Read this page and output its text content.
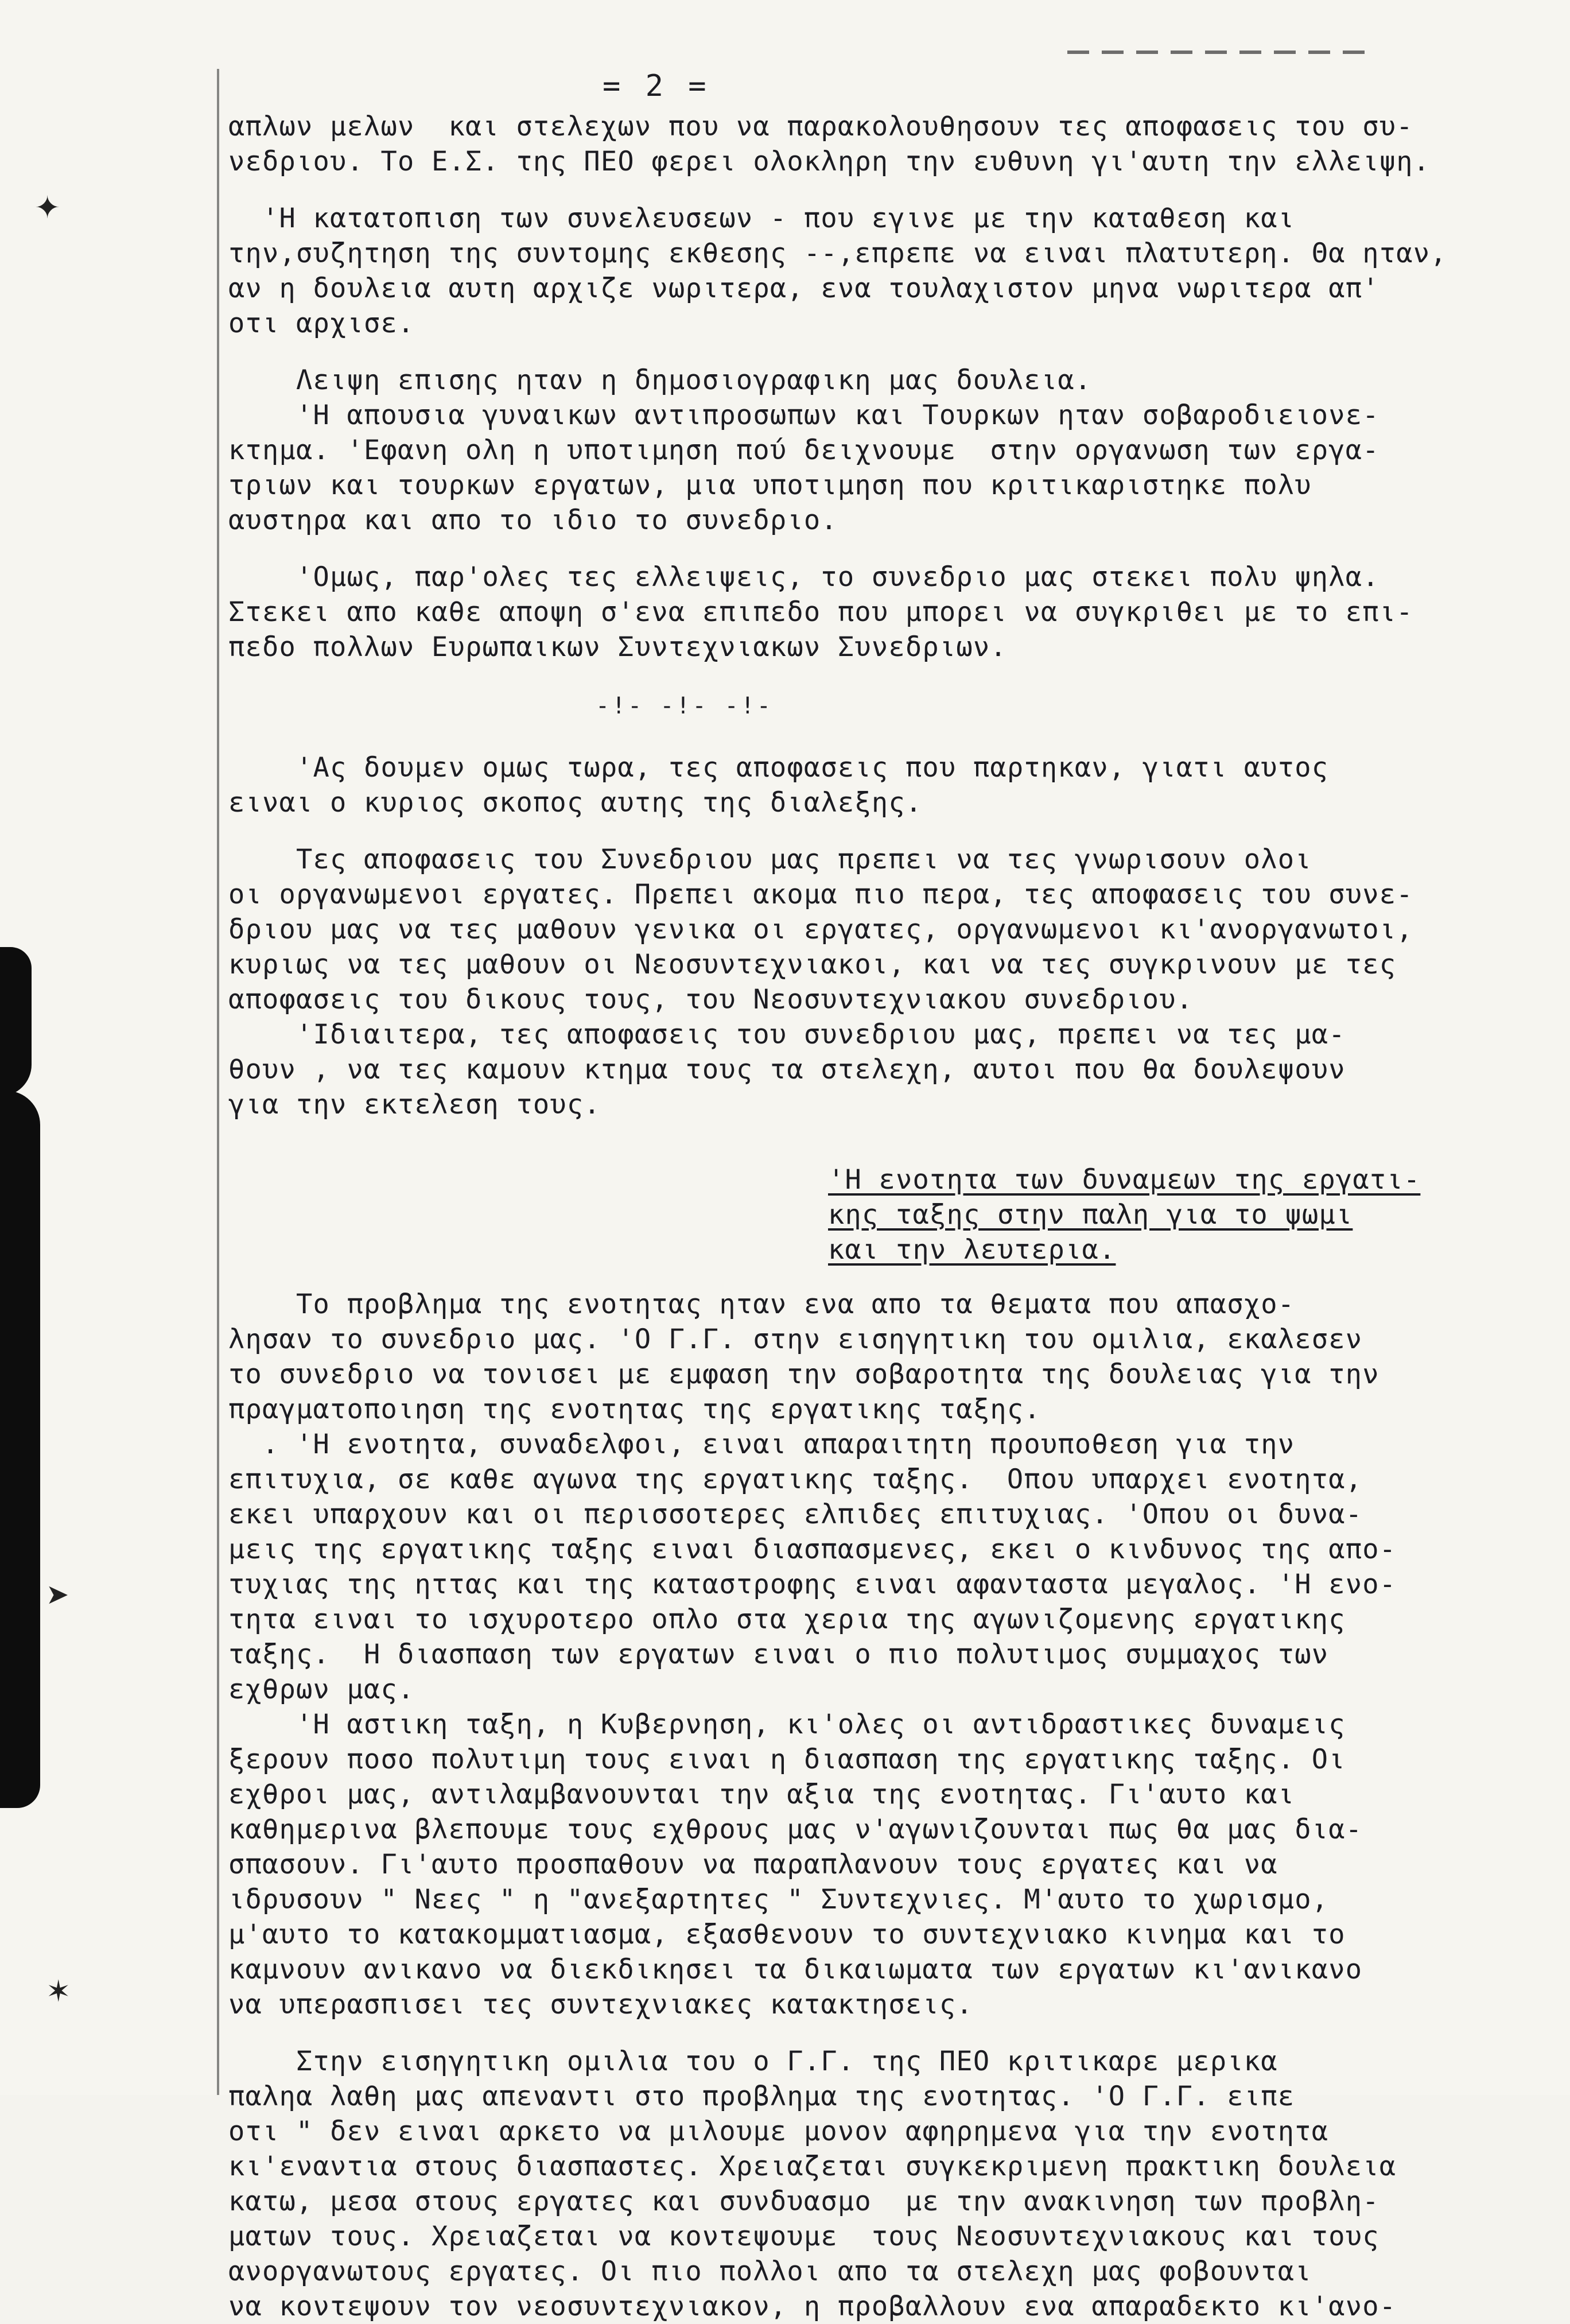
✦
➤
✶
= 2 =

απλων μελων  και στελεχων που να παρακολουθησουν τες αποφασεις του συ-
νεδριου. Το Ε.Σ. της ΠΕΟ φερει ολοκληρη την ευθυνη γι'αυτη την ελλειψη.

'Η κατατοπιση των συνελευσεων - που εγινε με την καταθεση και
την,συζητηση της συντομης εκθεσης --,επρεπε να ειναι πλατυτερη. Θα ηταν,
αν η δουλεια αυτη αρχιζε νωριτερα, ενα τουλαχιστον μηνα νωριτερα απ'
οτι αρχισε.

Λειψη επισης ηταν η δημοσιογραφικη μας δουλεια.
'Η απουσια γυναικων αντιπροσωπων και Τουρκων ηταν σοβαροδιειονε-
κτημα. 'Εφανη ολη η υποτιμηση πού δειχνουμε  στην οργανωση των εργα-
τριων και τουρκων εργατων, μια υποτιμηση που κριτικαριστηκε πολυ
αυστηρα και απο το ιδιο το συνεδριο.

'Ομως, παρ'ολες τες ελλειψεις, το συνεδριο μας στεκει πολυ ψηλα.
Στεκει απο καθε αποψη σ'ενα επιπεδο που μπορει να συγκριθει με το επι-
πεδο πολλων Ευρωπαικων Συντεχνιακων Συνεδριων.

-!- -!- -!-

'Ας δουμεν ομως τωρα, τες αποφασεις που παρτηκαν, γιατι αυτος
ειναι ο κυριος σκοπος αυτης της διαλεξης.

Τες αποφασεις του Συνεδριου μας πρεπει να τες γνωρισουν ολοι
οι οργανωμενοι εργατες. Πρεπει ακομα πιο περα, τες αποφασεις του συνε-
δριου μας να τες μαθουν γενικα οι εργατες, οργανωμενοι κι'ανοργανωτοι,
κυριως να τες μαθουν οι Νεοσυντεχνιακοι, και να τες συγκρινουν με τες
αποφασεις του δικους τους, του Νεοσυντεχνιακου συνεδριου.
'Ιδιαιτερα, τες αποφασεις του συνεδριου μας, πρεπει να τες μα-
θουν , να τες καμουν κτημα τους τα στελεχη, αυτοι που θα δουλεψουν
για την εκτελεση τους.

'Η ενοτητα των δυναμεων της εργατι-
κης ταξης στην παλη για το ψωμι
και την λευτερια.

Το προβλημα της ενοτητας ηταν ενα απο τα θεματα που απασχο-
λησαν το συνεδριο μας. 'Ο Γ.Γ. στην εισηγητικη του ομιλια, εκαλεσεν
το συνεδριο να τονισει με εμφαση την σοβαροτητα της δουλειας για την
πραγματοποιηση της ενοτητας της εργατικης ταξης.
. 'Η ενοτητα, συναδελφοι, ειναι απαραιτητη προυποθεση για την
επιτυχια, σε καθε αγωνα της εργατικης ταξης.  Οπου υπαρχει ενοτητα,
εκει υπαρχουν και οι περισσοτερες ελπιδες επιτυχιας. 'Οπου οι δυνα-
μεις της εργατικης ταξης ειναι διασπασμενες, εκει ο κινδυνος της απο-
τυχιας της ηττας και της καταστροφης ειναι αφανταστα μεγαλος. 'Η ενο-
τητα ειναι το ισχυροτερο οπλο στα χερια της αγωνιζομενης εργατικης
ταξης.  Η διασπαση των εργατων ειναι ο πιο πολυτιμος συμμαχος των
εχθρων μας.
'Η αστικη ταξη, η Κυβερνηση, κι'ολες οι αντιδραστικες δυναμεις
ξερουν ποσο πολυτιμη τους ειναι η διασπαση της εργατικης ταξης. Οι
εχθροι μας, αντιλαμβανουνται την αξια της ενοτητας. Γι'αυτο και
καθημερινα βλεπουμε τους εχθρους μας ν'αγωνιζουνται πως θα μας δια-
σπασουν. Γι'αυτο προσπαθουν να παραπλανουν τους εργατες και να
ιδρυσουν " Νεες " η "ανεξαρτητες " Συντεχνιες. Μ'αυτο το χωρισμο,
μ'αυτο το κατακομματιασμα, εξασθενουν το συντεχνιακο κινημα και το
καμνουν ανικανο να διεκδικησει τα δικαιωματα των εργατων κι'ανικανο
να υπερασπισει τες συντεχνιακες κατακτησεις.

Στην εισηγητικη ομιλια του ο Γ.Γ. της ΠΕΟ κριτικαρε μερικα
παληα λαθη μας απεναντι στο προβλημα της ενοτητας. 'Ο Γ.Γ. ειπε
οτι " δεν ειναι αρκετο να μιλουμε μονον αφηρημενα για την ενοτητα
κι'εναντια στους διασπαστες. Χρειαζεται συγκεκριμενη πρακτικη δουλεια
κατω, μεσα στους εργατες και συνδυασμο  με την ανακινηση των προβλη-
ματων τους. Χρειαζεται να κοντεψουμε  τους Νεοσυντεχνιακους και τους
ανοργανωτους εργατες. Οι πιο πολλοι απο τα στελεχη μας φοβουνται
να κοντεψουν τον νεοσυντεχνιακον, η προβαλλουν ενα απαραδεκτο κι'ανο-
